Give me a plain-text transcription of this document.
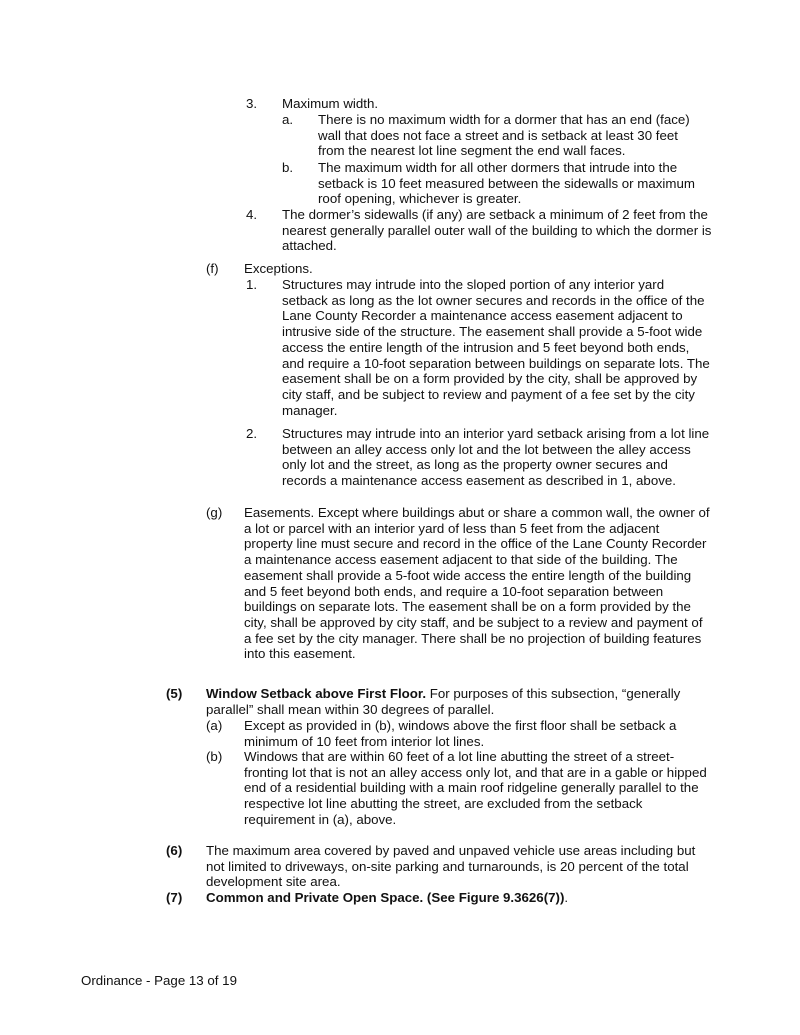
3. Maximum width.
a. There is no maximum width for a dormer that has an end (face) wall that does not face a street and is setback at least 30 feet from the nearest lot line segment the end wall faces.
b. The maximum width for all other dormers that intrude into the setback is 10 feet measured between the sidewalls or maximum roof opening, whichever is greater.
4. The dormer’s sidewalls (if any) are setback a minimum of 2 feet from the nearest generally parallel outer wall of the building to which the dormer is attached.
(f) Exceptions.
1. Structures may intrude into the sloped portion of any interior yard setback as long as the lot owner secures and records in the office of the Lane County Recorder a maintenance access easement adjacent to intrusive side of the structure. The easement shall provide a 5-foot wide access the entire length of the intrusion and 5 feet beyond both ends, and require a 10-foot separation between buildings on separate lots. The easement shall be on a form provided by the city, shall be approved by city staff, and be subject to review and payment of a fee set by the city manager.
2. Structures may intrude into an interior yard setback arising from a lot line between an alley access only lot and the lot between the alley access only lot and the street, as long as the property owner secures and records a maintenance access easement as described in 1, above.
(g) Easements. Except where buildings abut or share a common wall, the owner of a lot or parcel with an interior yard of less than 5 feet from the adjacent property line must secure and record in the office of the Lane County Recorder a maintenance access easement adjacent to that side of the building. The easement shall provide a 5-foot wide access the entire length of the building and 5 feet beyond both ends, and require a 10-foot separation between buildings on separate lots. The easement shall be on a form provided by the city, shall be approved by city staff, and be subject to a review and payment of a fee set by the city manager. There shall be no projection of building features into this easement.
(5) Window Setback above First Floor. For purposes of this subsection, “generally parallel” shall mean within 30 degrees of parallel.
(a) Except as provided in (b), windows above the first floor shall be setback a minimum of 10 feet from interior lot lines.
(b) Windows that are within 60 feet of a lot line abutting the street of a street-fronting lot that is not an alley access only lot, and that are in a gable or hipped end of a residential building with a main roof ridgeline generally parallel to the respective lot line abutting the street, are excluded from the setback requirement in (a), above.
(6) The maximum area covered by paved and unpaved vehicle use areas including but not limited to driveways, on-site parking and turnarounds, is 20 percent of the total development site area.
(7) Common and Private Open Space. (See Figure 9.3626(7)).
Ordinance - Page 13 of 19
